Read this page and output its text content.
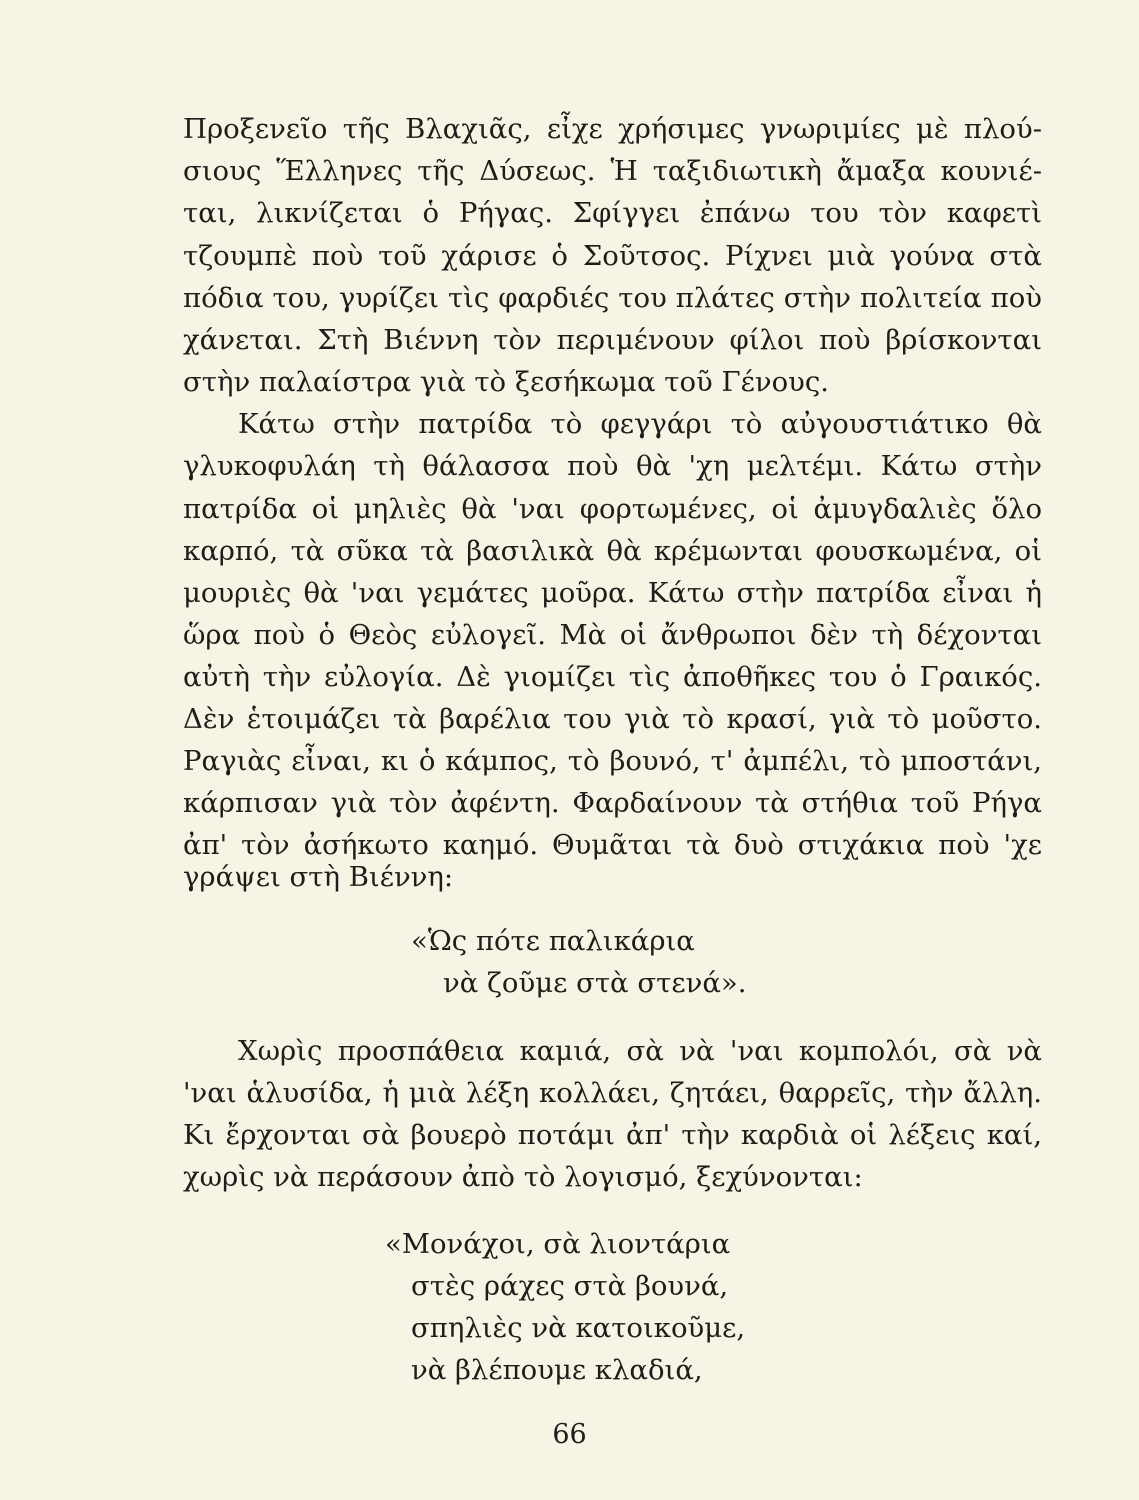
Προξενεῖο τῆς Βλαχιᾶς, εἶχε χρήσιμες γνωριμίες μὲ πλού-
σιους Ἕλληνες τῆς Δύσεως. Ἡ ταξιδιωτικὴ ἄμαξα κουνιέ-
ται, λικνίζεται ὁ Ρήγας. Σφίγγει ἐπάνω του τὸν καφετὶ
τζουμπὲ ποὺ τοῦ χάρισε ὁ Σοῦτσος. Ρίχνει μιὰ γούνα στὰ
πόδια του, γυρίζει τὶς φαρδιές του πλάτες στὴν πολιτεία ποὺ
χάνεται. Στὴ Βιέννη τὸν περιμένουν φίλοι ποὺ βρίσκονται
στὴν παλαίστρα γιὰ τὸ ξεσήκωμα τοῦ Γένους.
Κάτω στὴν πατρίδα τὸ φεγγάρι τὸ αὐγουστιάτικο θὰ
γλυκοφυλάη τὴ θάλασσα ποὺ θὰ 'χη μελτέμι. Κάτω στὴν
πατρίδα οἱ μηλιὲς θὰ 'ναι φορτωμένες, οἱ ἀμυγδαλιὲς ὅλο
καρπό, τὰ σῦκα τὰ βασιλικὰ θὰ κρέμωνται φουσκωμένα, οἱ
μουριὲς θὰ 'ναι γεμάτες μοῦρα. Κάτω στὴν πατρίδα εἶναι ἡ
ὥρα ποὺ ὁ Θεὸς εὐλογεῖ. Μὰ οἱ ἄνθρωποι δὲν τὴ δέχονται
αὐτὴ τὴν εὐλογία. Δὲ γιομίζει τὶς ἀποθῆκες του ὁ Γραικός.
Δὲν ἑτοιμάζει τὰ βαρέλια του γιὰ τὸ κρασί, γιὰ τὸ μοῦστο.
Ραγιὰς εἶναι, κι ὁ κάμπος, τὸ βουνό, τ' ἀμπέλι, τὸ μποστάνι,
κάρπισαν γιὰ τὸν ἀφέντη. Φαρδαίνουν τὰ στήθια τοῦ Ρήγα
ἀπ' τὸν ἀσήκωτο καημό. Θυμᾶται τὰ δυὸ στιχάκια ποὺ 'χε
γράψει στὴ Βιέννη:
«Ὡς πότε παλικάρια
νὰ ζοῦμε στὰ στενά».
Χωρὶς προσπάθεια καμιά, σὰ νὰ 'ναι κομπολόι, σὰ νὰ
'ναι ἁλυσίδα, ἡ μιὰ λέξη κολλάει, ζητάει, θαρρεῖς, τὴν ἄλλη.
Κι ἔρχονται σὰ βουερὸ ποτάμι ἀπ' τὴν καρδιὰ οἱ λέξεις καί,
χωρὶς νὰ περάσουν ἀπὸ τὸ λογισμό, ξεχύνονται:
«Μονάχοι, σὰ λιοντάρια
στὲς ράχες στὰ βουνά,
σπηλιὲς νὰ κατοικοῦμε,
νὰ βλέπουμε κλαδιά,
66
